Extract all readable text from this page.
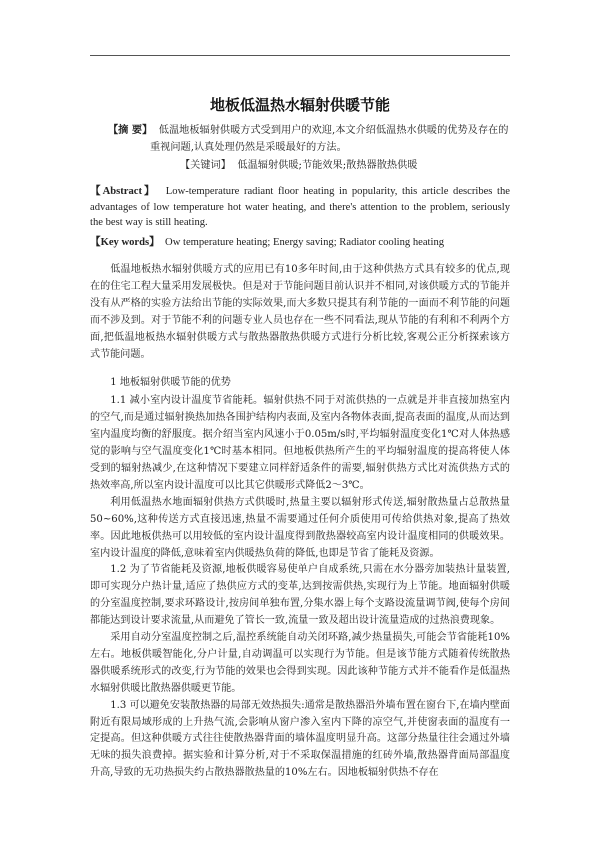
地板低温热水辐射供暖节能
【摘 要】 低温地板辐射供暖方式受到用户的欢迎,本文介绍低温热水供暖的优势及存在的
重视问题,认真处理仍然是采暖最好的方法。
【关键词】 低温辐射供暖;节能效果;散热器散热供暖
【Abstract】 Low-temperature radiant floor heating in popularity, this article describes the advantages of low temperature hot water heating, and there's attention to the problem, seriously the best way is still heating.
【Key words】 Ow temperature heating; Energy saving; Radiator cooling heating

低温地板热水辐射供暖方式的应用已有10多年时间,由于这种供热方式具有较多的优点,现在的住宅工程大量采用发展极快。但是对于节能问题目前认识并不相同,对该供暖方式的节能并没有从严格的实验方法给出节能的实际效果,而大多数只提其有利节能的一面而不利节能的问题而不涉及到。对于节能不利的问题专业人员也存在一些不同看法,现从节能的有利和不利两个方面,把低温地板热水辐射供暖方式与散热器散热供暖方式进行分析比较,客观公正分析探索该方式节能问题。

1 地板辐射供暖节能的优势

1.1 减小室内设计温度节省能耗。辐射供热不同于对流供热的一点就是并非直接加热室内的空气,而是通过辐射换热加热各围护结构内表面,及室内各物体表面,提高表面的温度,从而达到室内温度均衡的舒服度。据介绍当室内风速小于0.05m/s时,平均辐射温度变化1℃对人体热感觉的影响与空气温度变化1℃时基本相同。但地板供热所产生的平均辐射温度的提高将使人体受到的辐射热减少,在这种情况下要建立同样舒适条件的需要,辐射供热方式比对流供热方式的热效率高,所以室内设计温度可以比其它供暖形式降低2～3℃。

利用低温热水地面辐射供热方式供暖时,热量主要以辐射形式传送,辐射散热量占总散热量50~60%,这种传送方式直接迅速,热量不需要通过任何介质使用可传给供热对象,提高了热效率。因此地板供热可以用较低的室内设计温度得到散热器较高室内设计温度相同的供暖效果。室内设计温度的降低,意味着室内供暖热负荷的降低,也即是节省了能耗及资源。

1.2 为了节省能耗及资源,地板供暖容易使单户自成系统,只需在水分器旁加装热计量装置,即可实现分户热计量,适应了热供应方式的变革,达到按需供热,实现行为上节能。地面辐射供暖的分室温度控制,要求环路设计,按房间单独布置,分集水器上每个支路设流量调节阀,使每个房间都能达到设计要求流量,从而避免了管长一致,流量一致及超出设计流量造成的过热浪费现象。

采用自动分室温度控制之后,温控系统能自动关闭环路,减少热量损失,可能会节省能耗10%左右。地板供暖智能化,分户计量,自动调温可以实现行为节能。但是该节能方式随着传统散热器供暖系统形式的改变,行为节能的效果也会得到实现。因此该种节能方式并不能看作是低温热水辐射供暖比散热器供暖更节能。

1.3 可以避免安装散热器的局部无效热损失:通常是散热器沿外墙布置在窗台下,在墙内壁面附近有限局域形成的上升热气流,会影响从窗户渗入室内下降的凉空气,并使窗表面的温度有一定提高。但这种供暖方式往往使散热器背面的墙体温度明显升高。这部分热量往往会通过外墙无味的损失浪费掉。据实验和计算分析,对于不采取保温措施的红砖外墙,散热器背面局部温度升高,导致的无功热损失约占散热器散热量的10%左右。因地板辐射供热不存在
